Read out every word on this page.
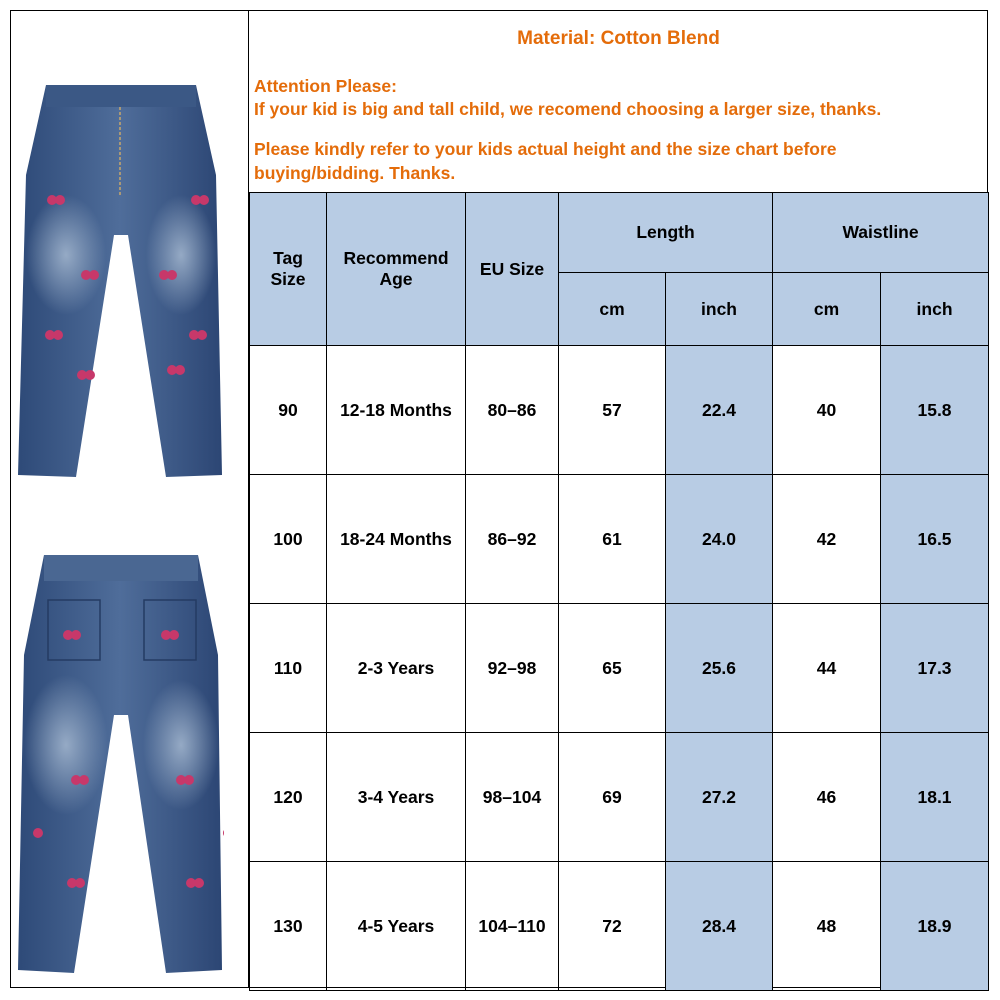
Material: Cotton Blend
Attention Please:
If your kid is big and tall child, we recomend choosing a larger size, thanks.
Please kindly refer to your kids actual height and the size chart before buying/bidding. Thanks.
Tag Size	Recommend Age	EU Size	Length		Waistline	
			cm	inch	cm	inch
90	12-18 Months	80–86	57	22.4	40	15.8
100	18-24 Months	86–92	61	24.0	42	16.5
110	2-3 Years	92–98	65	25.6	44	17.3
120	3-4 Years	98–104	69	27.2	46	18.1
130	4-5 Years	104–110	72	28.4	48	18.9
